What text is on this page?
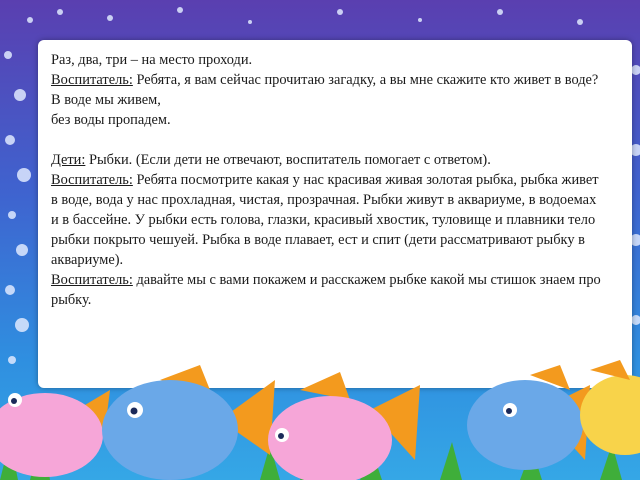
Раз, два, три – на место проходи.

Воспитатель: Ребята, я вам сейчас прочитаю загадку, а вы мне скажите кто живет в воде?

В воде мы живем,

без воды пропадем.

Дети: Рыбки. (Если дети не отвечают, воспитатель помогает с ответом).

Воспитатель: Ребята посмотрите какая у нас красивая живая золотая рыбка, рыбка живет в воде, вода у нас прохладная, чистая, прозрачная. Рыбки живут в аквариуме, в водоемах и в бассейне. У рыбки есть голова, глазки, красивый хвостик, туловище и плавники тело рыбки покрыто чешуей. Рыбка в воде плавает, ест и спит (дети рассматривают рыбку в аквариуме).

Воспитатель: давайте мы с вами покажем и расскажем рыбке какой мы стишок знаем про рыбку.
